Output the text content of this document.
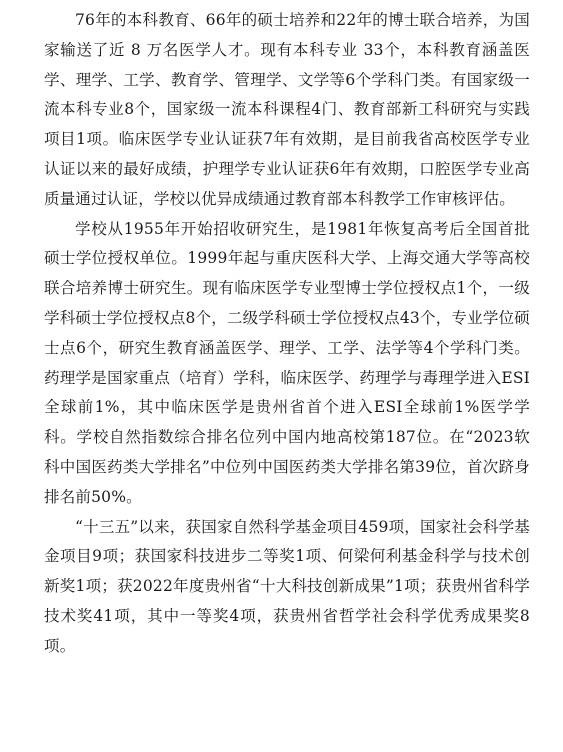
76年的本科教育、66年的硕士培养和22年的博士联合培养，为国家输送了近 8 万名医学人才。现有本科专业 33个，本科教育涵盖医学、理学、工学、教育学、管理学、文学等6个学科门类。有国家级一流本科专业8个，国家级一流本科课程4门、教育部新工科研究与实践项目1项。临床医学专业认证获7年有效期，是目前我省高校医学专业认证以来的最好成绩，护理学专业认证获6年有效期，口腔医学专业高质量通过认证，学校以优异成绩通过教育部本科教学工作审核评估。

学校从1955年开始招收研究生，是1981年恢复高考后全国首批硕士学位授权单位。1999年起与重庆医科大学、上海交通大学等高校联合培养博士研究生。现有临床医学专业型博士学位授权点1个，一级学科硕士学位授权点8个，二级学科硕士学位授权点43个，专业学位硕士点6个，研究生教育涵盖医学、理学、工学、法学等4个学科门类。药理学是国家重点（培育）学科，临床医学、药理学与毒理学进入ESI全球前1%，其中临床医学是贵州省首个进入ESI全球前1%医学学科。学校自然指数综合排名位列中国内地高校第187位。在“2023软科中国医药类大学排名”中位列中国医药类大学排名第39位，首次跻身排名前50%。

“十三五”以来，获国家自然科学基金项目459项，国家社会科学基金项目9项；获国家科技进步二等奖1项、何梁何利基金科学与技术创新奖1项；获2022年度贵州省“十大科技创新成果”1项；获贵州省科学技术奖41项，其中一等奖4项，获贵州省哲学社会科学优秀成果奖8项。
